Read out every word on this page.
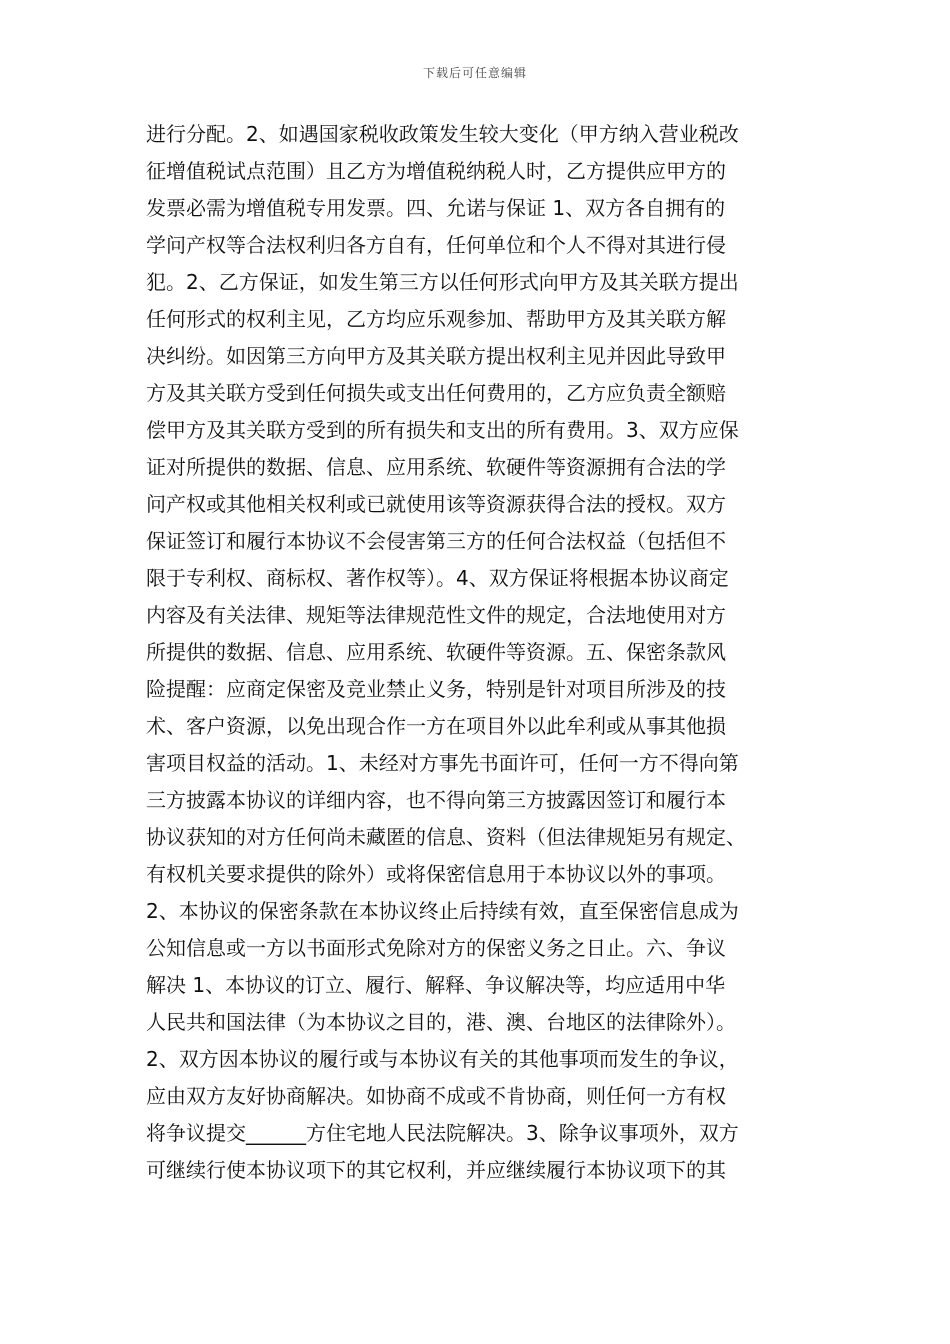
下载后可任意编辑
进行分配。2、如遇国家税收政策发生较大变化（甲方纳入营业税改
征增值税试点范围）且乙方为增值税纳税人时，乙方提供应甲方的
发票必需为增值税专用发票。四、允诺与保证 1、双方各自拥有的
学问产权等合法权利归各方自有，任何单位和个人不得对其进行侵
犯。2、乙方保证，如发生第三方以任何形式向甲方及其关联方提出
任何形式的权利主见，乙方均应乐观参加、帮助甲方及其关联方解
决纠纷。如因第三方向甲方及其关联方提出权利主见并因此导致甲
方及其关联方受到任何损失或支出任何费用的，乙方应负责全额赔
偿甲方及其关联方受到的所有损失和支出的所有费用。3、双方应保
证对所提供的数据、信息、应用系统、软硬件等资源拥有合法的学
问产权或其他相关权利或已就使用该等资源获得合法的授权。双方
保证签订和履行本协议不会侵害第三方的任何合法权益（包括但不
限于专利权、商标权、著作权等）。4、双方保证将根据本协议商定
内容及有关法律、规矩等法律规范性文件的规定，合法地使用对方
所提供的数据、信息、应用系统、软硬件等资源。五、保密条款风
险提醒：应商定保密及竞业禁止义务，特别是针对项目所涉及的技
术、客户资源，以免出现合作一方在项目外以此牟利或从事其他损
害项目权益的活动。1、未经对方事先书面许可，任何一方不得向第
三方披露本协议的详细内容，也不得向第三方披露因签订和履行本
协议获知的对方任何尚未藏匿的信息、资料（但法律规矩另有规定、
有权机关要求提供的除外）或将保密信息用于本协议以外的事项。
2、本协议的保密条款在本协议终止后持续有效，直至保密信息成为
公知信息或一方以书面形式免除对方的保密义务之日止。六、争议
解决 1、本协议的订立、履行、解释、争议解决等，均应适用中华
人民共和国法律（为本协议之目的，港、澳、台地区的法律除外）。
2、双方因本协议的履行或与本协议有关的其他事项而发生的争议，
应由双方友好协商解决。如协商不成或不肯协商，则任何一方有权
将争议提交______方住宅地人民法院解决。3、除争议事项外，双方
可继续行使本协议项下的其它权利，并应继续履行本协议项下的其
